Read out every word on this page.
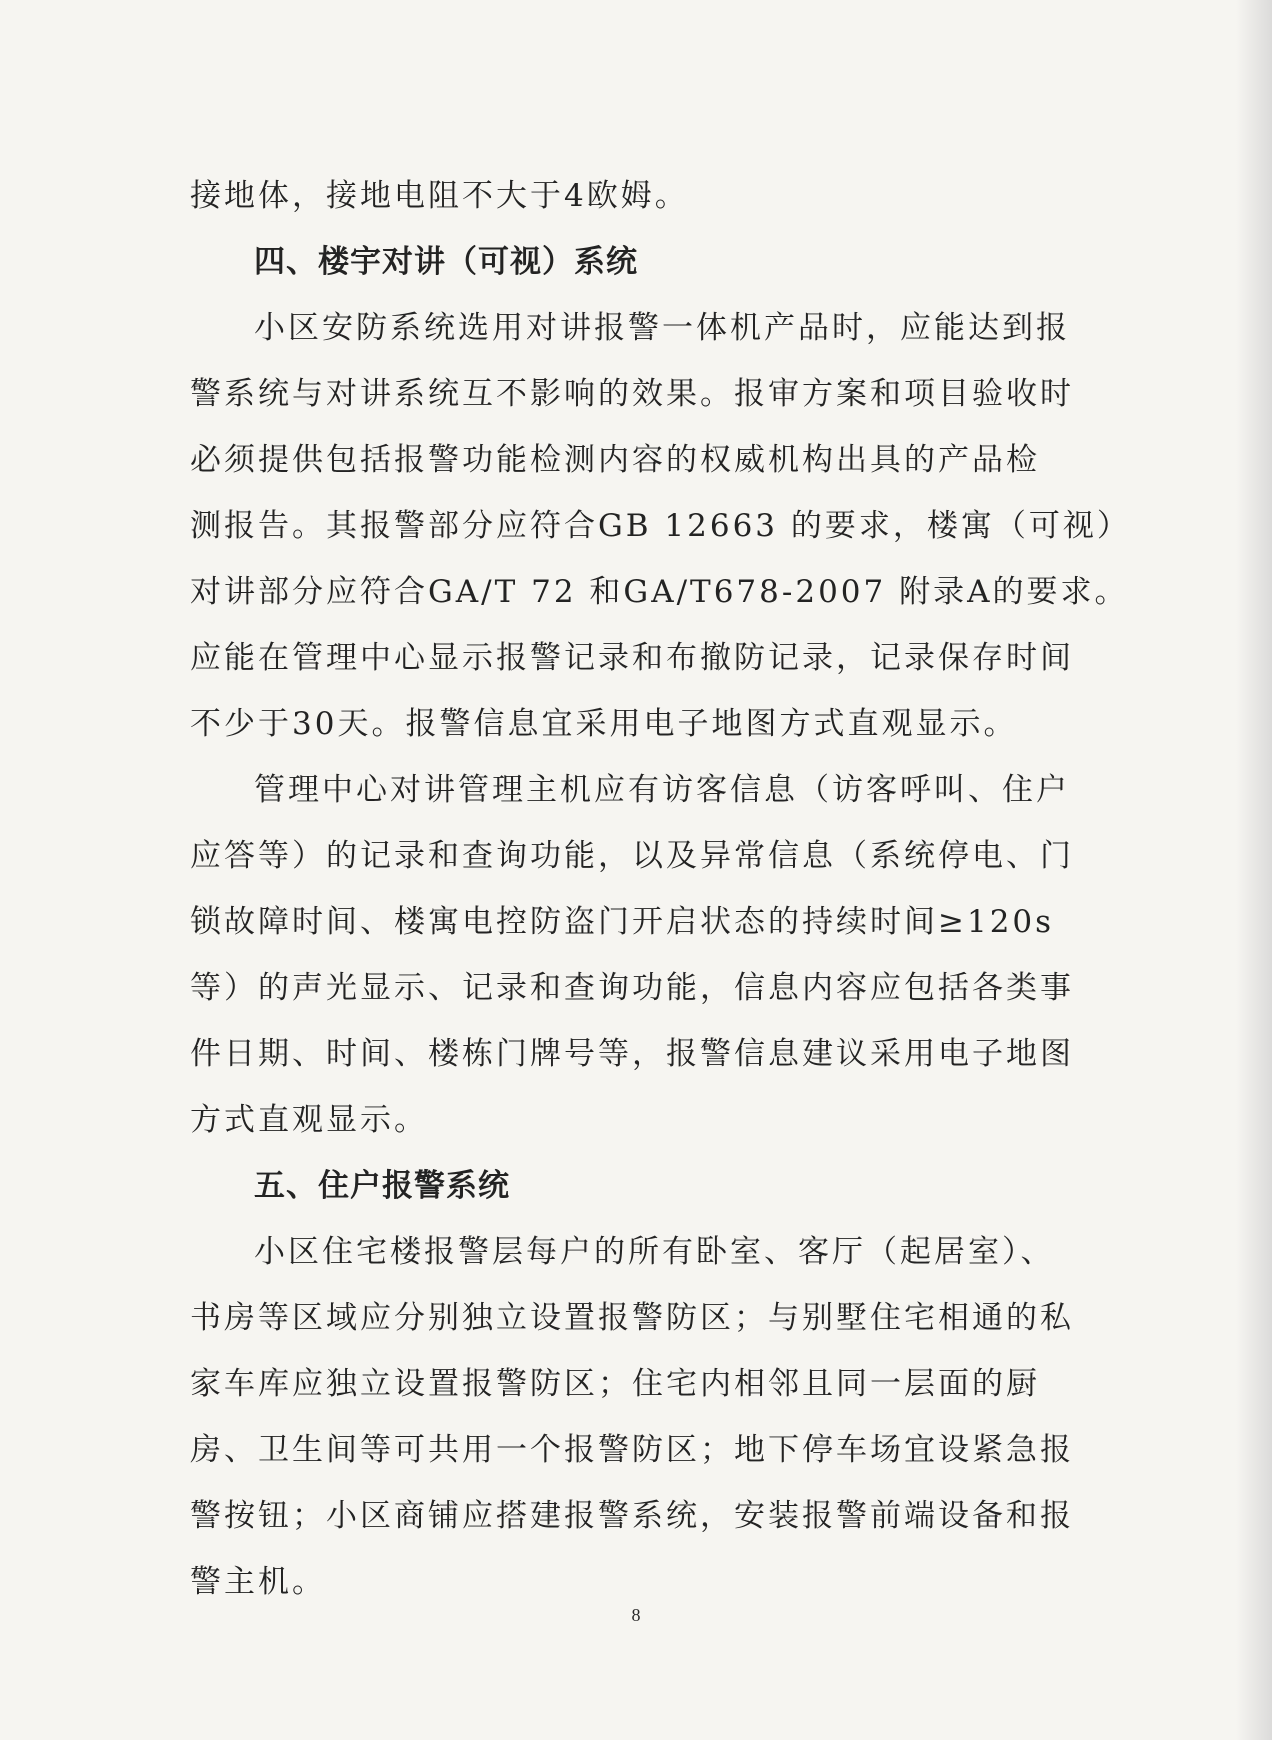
接地体，接地电阻不大于4欧姆。

四、楼宇对讲（可视）系统

小区安防系统选用对讲报警一体机产品时，应能达到报

警系统与对讲系统互不影响的效果。报审方案和项目验收时

必须提供包括报警功能检测内容的权威机构出具的产品检

测报告。其报警部分应符合GB 12663 的要求，楼寓（可视）

对讲部分应符合GA/T 72 和GA/T678-2007 附录A的要求。

应能在管理中心显示报警记录和布撤防记录，记录保存时间

不少于30天。报警信息宜采用电子地图方式直观显示。

管理中心对讲管理主机应有访客信息（访客呼叫、住户

应答等）的记录和查询功能，以及异常信息（系统停电、门

锁故障时间、楼寓电控防盗门开启状态的持续时间≥120s

等）的声光显示、记录和查询功能，信息内容应包括各类事

件日期、时间、楼栋门牌号等，报警信息建议采用电子地图

方式直观显示。

五、住户报警系统

小区住宅楼报警层每户的所有卧室、客厅（起居室）、

书房等区域应分别独立设置报警防区；与别墅住宅相通的私

家车库应独立设置报警防区；住宅内相邻且同一层面的厨

房、卫生间等可共用一个报警防区；地下停车场宜设紧急报

警按钮；小区商铺应搭建报警系统，安装报警前端设备和报

警主机。

8
